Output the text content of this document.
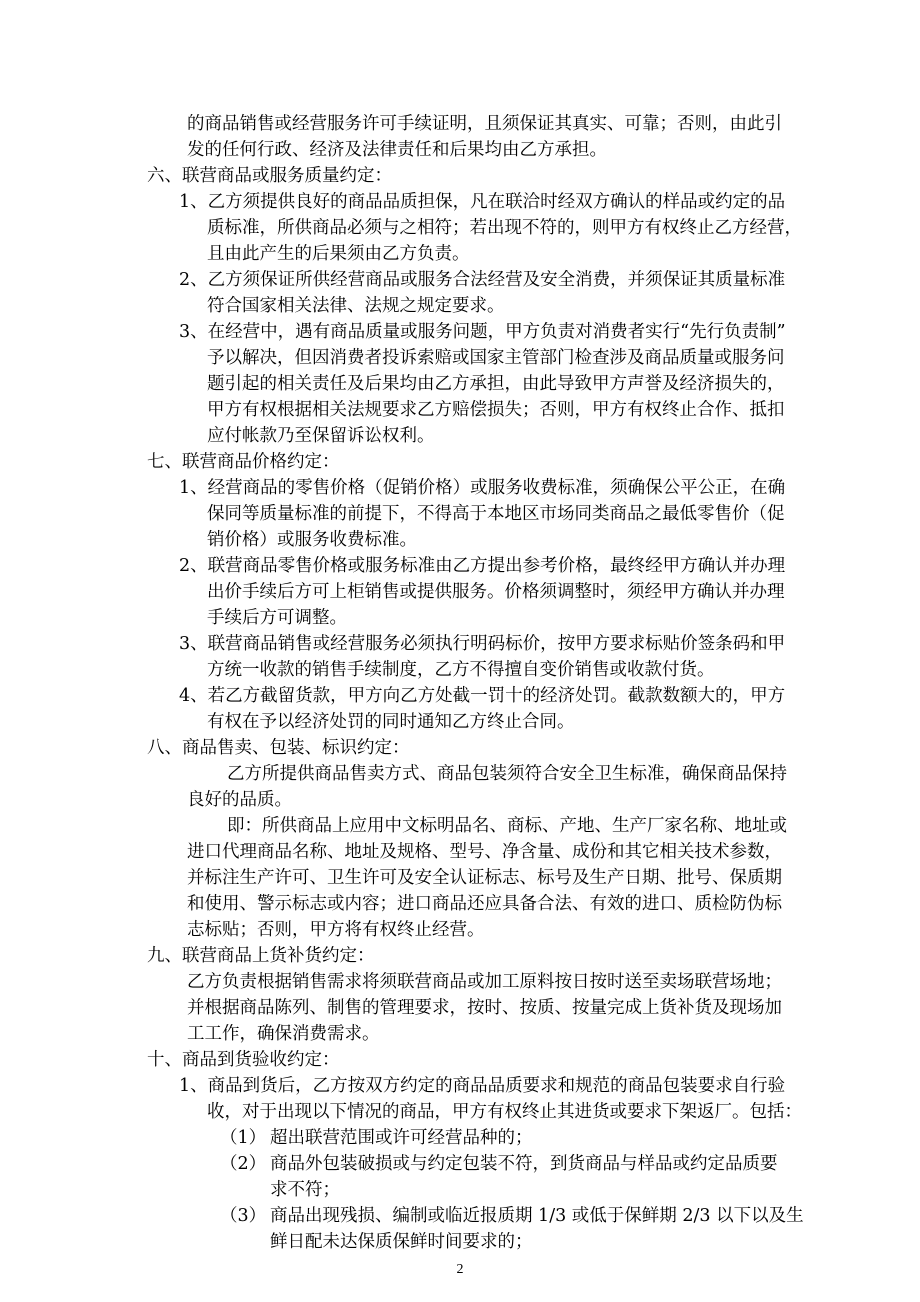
的商品销售或经营服务许可手续证明，且须保证其真实、可靠；否则，由此引
发的任何行政、经济及法律责任和后果均由乙方承担。
六、联营商品或服务质量约定：
1、乙方须提供良好的商品品质担保，凡在联洽时经双方确认的样品或约定的品
质标准，所供商品必须与之相符；若出现不符的，则甲方有权终止乙方经营，
且由此产生的后果须由乙方负责。
2、乙方须保证所供经营商品或服务合法经营及安全消费，并须保证其质量标准
符合国家相关法律、法规之规定要求。
3、在经营中，遇有商品质量或服务问题，甲方负责对消费者实行“先行负责制”
予以解决，但因消费者投诉索赔或国家主管部门检查涉及商品质量或服务问
题引起的相关责任及后果均由乙方承担，由此导致甲方声誉及经济损失的，
甲方有权根据相关法规要求乙方赔偿损失；否则，甲方有权终止合作、抵扣
应付帐款乃至保留诉讼权利。
七、联营商品价格约定：
1、经营商品的零售价格（促销价格）或服务收费标准，须确保公平公正，在确
保同等质量标准的前提下，不得高于本地区市场同类商品之最低零售价（促
销价格）或服务收费标准。
2、联营商品零售价格或服务标准由乙方提出参考价格，最终经甲方确认并办理
出价手续后方可上柜销售或提供服务。价格须调整时，须经甲方确认并办理
手续后方可调整。
3、联营商品销售或经营服务必须执行明码标价，按甲方要求标贴价签条码和甲
方统一收款的销售手续制度，乙方不得擅自变价销售或收款付货。
4、若乙方截留货款，甲方向乙方处截一罚十的经济处罚。截款数额大的，甲方
有权在予以经济处罚的同时通知乙方终止合同。
八、商品售卖、包装、标识约定：
乙方所提供商品售卖方式、商品包装须符合安全卫生标准，确保商品保持
良好的品质。
即：所供商品上应用中文标明品名、商标、产地、生产厂家名称、地址或
进口代理商品名称、地址及规格、型号、净含量、成份和其它相关技术参数，
并标注生产许可、卫生许可及安全认证标志、标号及生产日期、批号、保质期
和使用、警示标志或内容；进口商品还应具备合法、有效的进口、质检防伪标
志标贴；否则，甲方将有权终止经营。
九、联营商品上货补货约定：
乙方负责根据销售需求将须联营商品或加工原料按日按时送至卖场联营场地；
并根据商品陈列、制售的管理要求，按时、按质、按量完成上货补货及现场加
工工作，确保消费需求。
十、商品到货验收约定：
1、商品到货后，乙方按双方约定的商品品质要求和规范的商品包装要求自行验
收，对于出现以下情况的商品，甲方有权终止其进货或要求下架返厂。包括：
（1） 超出联营范围或许可经营品种的；
（2） 商品外包装破损或与约定包装不符，到货商品与样品或约定品质要
求不符；
（3） 商品出现残损、编制或临近报质期 1/3 或低于保鲜期 2/3 以下以及生
鲜日配未达保质保鲜时间要求的；
2
